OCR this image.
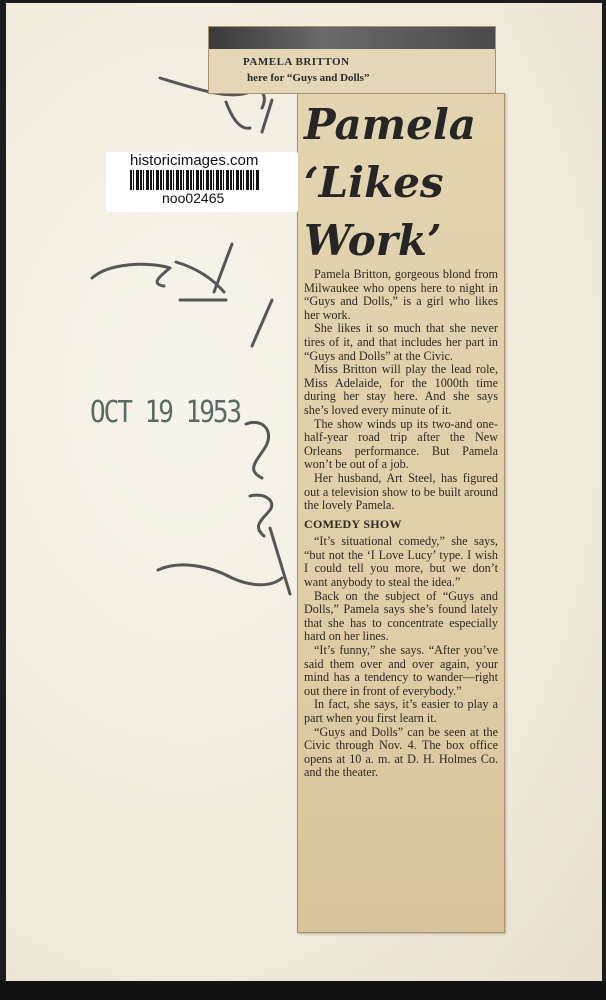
PAMELA BRITTON
here for “Guys and Dolls”
Pamela ‘Likes Work’

Pamela Britton, gorgeous blond from Milwaukee who opens here to night in “Guys and Dolls,” is a girl who likes her work.

She likes it so much that she never tires of it, and that includes her part in “Guys and Dolls” at the Civic.

Miss Britton will play the lead role, Miss Adelaide, for the 1000th time during her stay here. And she says she’s loved every minute of it.

The show winds up its two-and one-half-year road trip after the New Orleans performance. But Pamela won’t be out of a job.

Her husband, Art Steel, has figured out a television show to be built around the lovely Pamela.

COMEDY SHOW

“It’s situational comedy,” she says, “but not the ‘I Love Lucy’ type. I wish I could tell you more, but we don’t want anybody to steal the idea.”

Back on the subject of “Guys and Dolls,” Pamela says she’s found lately that she has to concentrate especially hard on her lines.

“It’s funny,” she says. “After you’ve said them over and over again, your mind has a tendency to wander—right out there in front of everybody.”

In fact, she says, it’s easier to play a part when you first learn it.

“Guys and Dolls” can be seen at the Civic through Nov. 4. The box office opens at 10 a. m. at D. H. Holmes Co. and the theater.

historicimages.com
noo02465
OCT 19 1953
